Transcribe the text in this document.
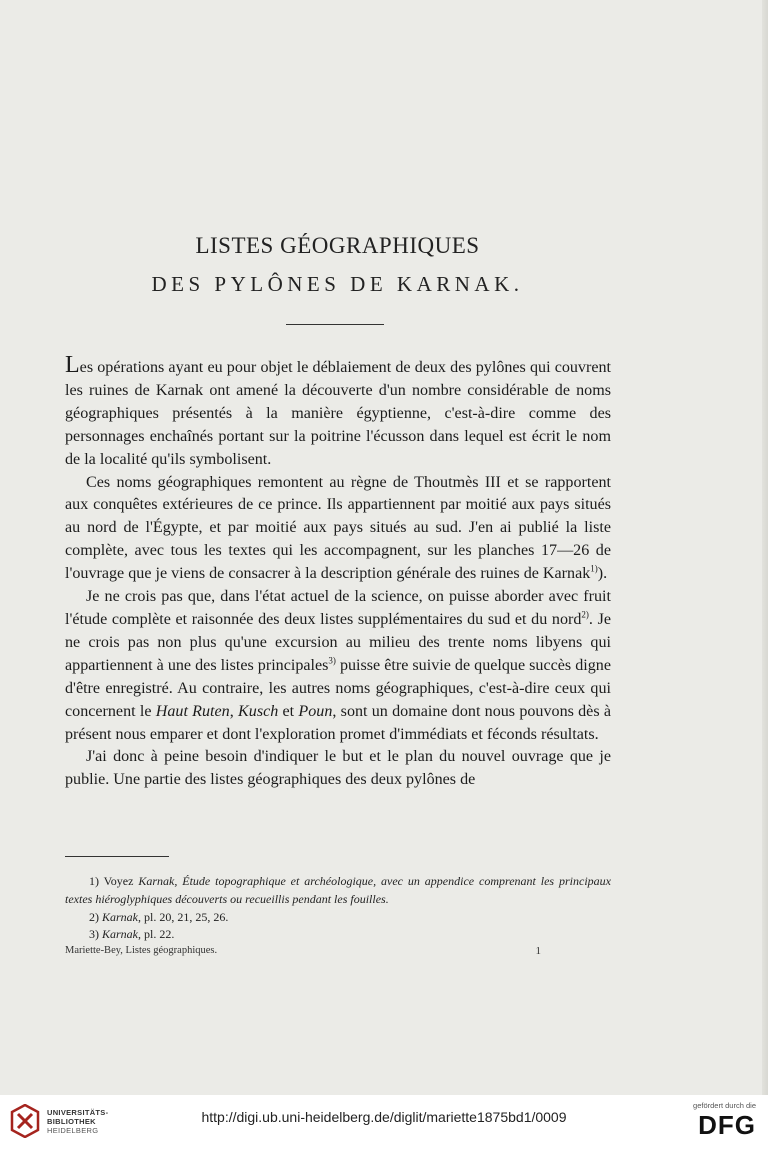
LISTES GÉOGRAPHIQUES
DES PYLÔNES DE KARNAK.

Les opérations ayant eu pour objet le déblaiement de deux des pylônes qui couvrent les ruines de Karnak ont amené la découverte d'un nombre considérable de noms géographiques présentés à la manière égyptienne, c'est-à-dire comme des personnages enchaînés portant sur la poitrine l'écusson dans lequel est écrit le nom de la localité qu'ils symbolisent.

Ces noms géographiques remontent au règne de Thoutmès III et se rapportent aux conquêtes extérieures de ce prince. Ils appartiennent par moitié aux pays situés au nord de l'Égypte, et par moitié aux pays situés au sud. J'en ai publié la liste complète, avec tous les textes qui les accompagnent, sur les planches 17—26 de l'ouvrage que je viens de consacrer à la description générale des ruines de Karnak$^{1)}$).

Je ne crois pas que, dans l'état actuel de la science, on puisse aborder avec fruit l'étude complète et raisonnée des deux listes supplémentaires du sud et du nord$^{2)}$. Je ne crois pas non plus qu'une excursion au milieu des trente noms libyens qui appartiennent à une des listes principales$^{3)}$ puisse être suivie de quelque succès digne d'être enregistré. Au contraire, les autres noms géographiques, c'est-à-dire ceux qui concernent le Haut Ruten, Kusch et Poun, sont un domaine dont nous pouvons dès à présent nous emparer et dont l'exploration promet d'immédiats et féconds résultats.

J'ai donc à peine besoin d'indiquer le but et le plan du nouvel ouvrage que je publie. Une partie des listes géographiques des deux pylônes de

1) Voyez Karnak, Étude topographique et archéologique, avec un appendice comprenant les principaux textes hiéroglyphiques découverts ou recueillis pendant les fouilles.

2) Karnak, pl. 20, 21, 25, 26.

3) Karnak, pl. 22.

Mariette-Bey, Listes géographiques.	1
UNIVERSITÄTS-
BIBLIOTHEK
HEIDELBERG
http://digi.ub.uni-heidelberg.de/diglit/mariette1875bd1/0009
gefördert durch die
DFG
